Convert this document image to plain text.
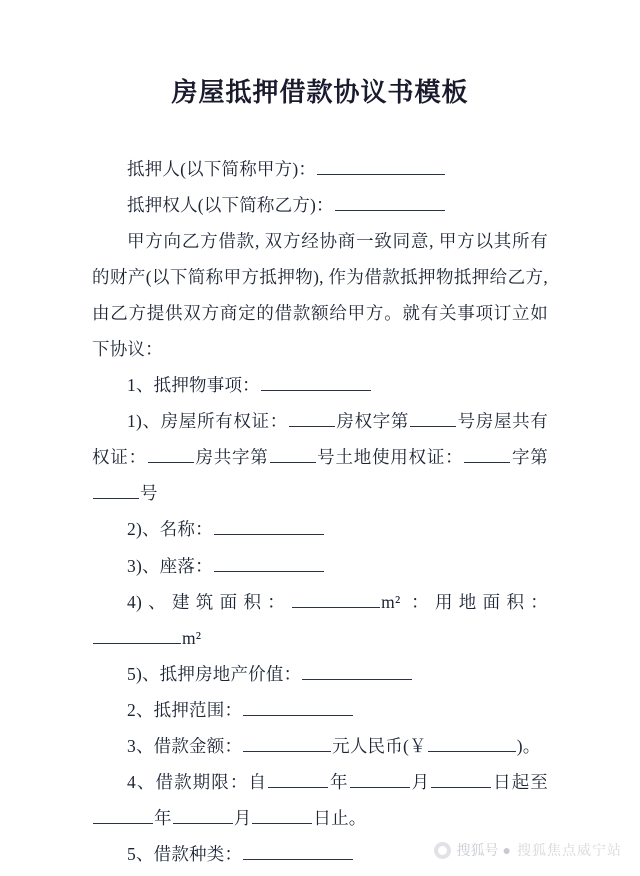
房屋抵押借款协议书模板

抵押人(以下简称甲方)：

抵押权人(以下简称乙方)：

甲方向乙方借款, 双方经协商一致同意, 甲方以其所有的财产(以下简称甲方抵押物), 作为借款抵押物抵押给乙方, 由乙方提供双方商定的借款额给甲方。就有关事项订立如下协议：

1、抵押物事项：

1)、房屋所有权证：	房权字第	号房屋共有权证：	房共字第	号土地使用权证：	字第号

2)、名称：

3)、座落：

4)、建筑面积：	m² ：用地面积：m²

5)、抵押房地产价值：

2、抵押范围：

3、借款金额：	元人民币(￥	)。

4、借款期限：自	年	月	日起至年	月	日止。

5、借款种类：	搜狐号 ● 搜狐焦点威宁站
